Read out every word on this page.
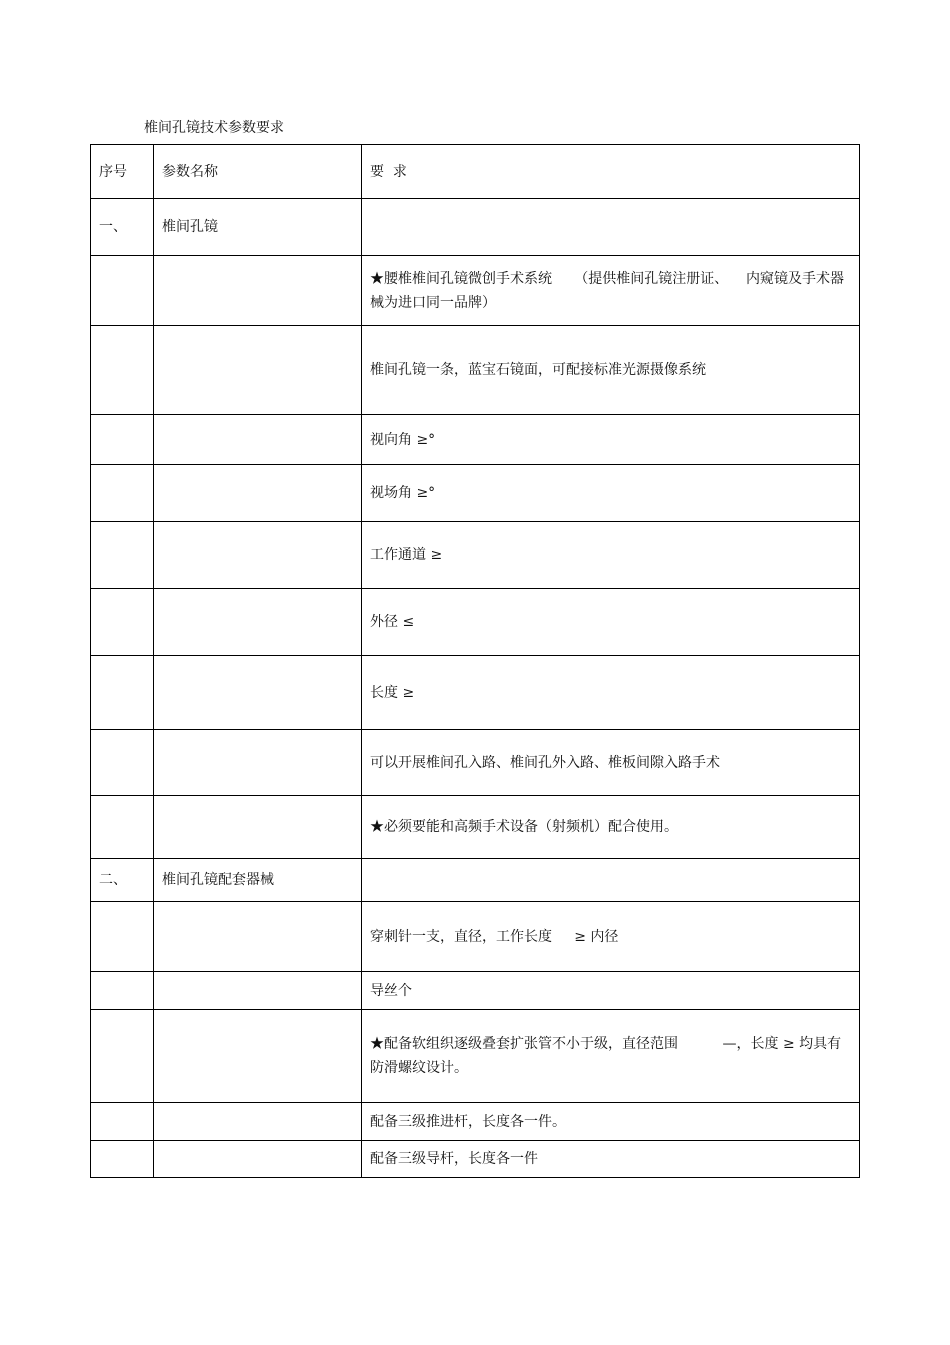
椎间孔镜技术参数要求
序号	参数名称	要  求
一、	椎间孔镜	
		★腰椎椎间孔镜微创手术系统     （提供椎间孔镜注册证、    内窥镜及手术器械为进口同一品牌）
		椎间孔镜一条，蓝宝石镜面，可配接标准光源摄像系统
		视向角 ≥°
		视场角 ≥°
		工作通道 ≥
		外径 ≤
		长度 ≥
		可以开展椎间孔入路、椎间孔外入路、椎板间隙入路手术
		★必须要能和高频手术设备（射频机）配合使用。
二、	椎间孔镜配套器械	
		穿刺针一支，直径，工作长度     ≥ 内径
		导丝个
		★配备软组织逐级叠套扩张管不小于级，直径范围          —，长度 ≥ 均具有防滑螺纹设计。
		配备三级推进杆，长度各一件。
		配备三级导杆，长度各一件
